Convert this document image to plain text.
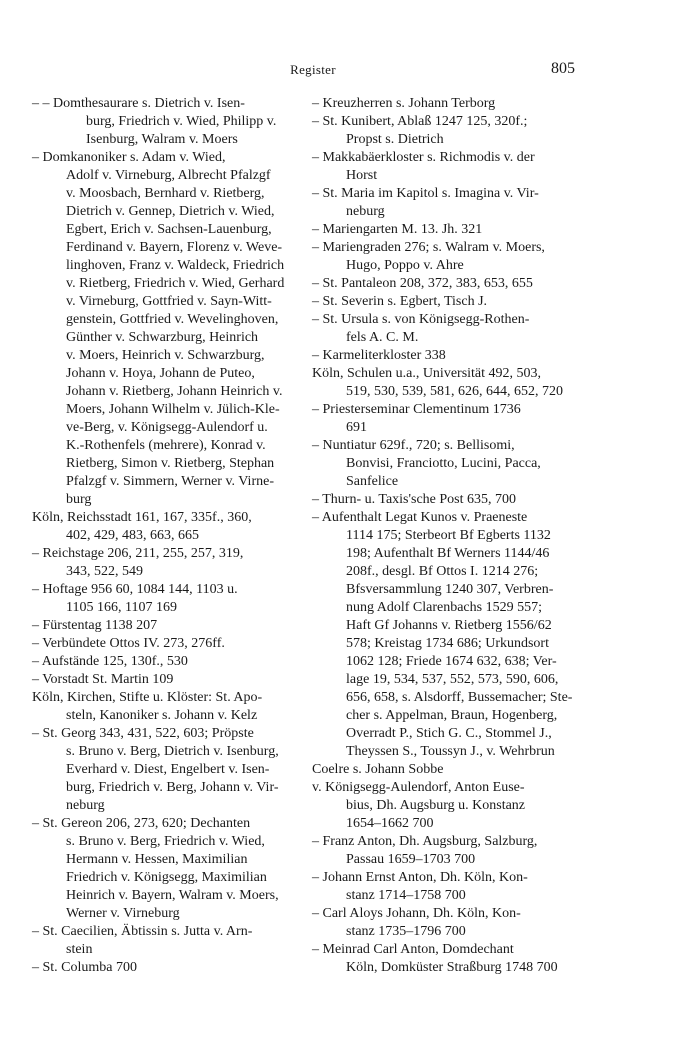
Register	805
– – Domthesaurare s. Dietrich v. Isen-
burg, Friedrich v. Wied, Philipp v.
Isenburg, Walram v. Moers
– Domkanoniker s. Adam v. Wied,
Adolf v. Virneburg, Albrecht Pfalzgf
v. Moosbach, Bernhard v. Rietberg,
Dietrich v. Gennep, Dietrich v. Wied,
Egbert, Erich v. Sachsen-Lauenburg,
Ferdinand v. Bayern, Florenz v. Weve-
linghoven, Franz v. Waldeck, Friedrich
v. Rietberg, Friedrich v. Wied, Gerhard
v. Virneburg, Gottfried v. Sayn-Witt-
genstein, Gottfried v. Wevelinghoven,
Günther v. Schwarzburg, Heinrich
v. Moers, Heinrich v. Schwarzburg,
Johann v. Hoya, Johann de Puteo,
Johann v. Rietberg, Johann Heinrich v.
Moers, Johann Wilhelm v. Jülich-Kle-
ve-Berg, v. Königsegg-Aulendorf u.
K.-Rothenfels (mehrere), Konrad v.
Rietberg, Simon v. Rietberg, Stephan
Pfalzgf v. Simmern, Werner v. Virne-
burg
Köln, Reichsstadt 161, 167, 335f., 360,
402, 429, 483, 663, 665
– Reichstage 206, 211, 255, 257, 319,
343, 522, 549
– Hoftage 956 60, 1084 144, 1103 u.
1105 166, 1107 169
– Fürstentag 1138 207
– Verbündete Ottos IV. 273, 276ff.
– Aufstände 125, 130f., 530
– Vorstadt St. Martin 109
Köln, Kirchen, Stifte u. Klöster: St. Apo-
steln, Kanoniker s. Johann v. Kelz
– St. Georg 343, 431, 522, 603; Pröpste
s. Bruno v. Berg, Dietrich v. Isenburg,
Everhard v. Diest, Engelbert v. Isen-
burg, Friedrich v. Berg, Johann v. Vir-
neburg
– St. Gereon 206, 273, 620; Dechanten
s. Bruno v. Berg, Friedrich v. Wied,
Hermann v. Hessen, Maximilian
Friedrich v. Königsegg, Maximilian
Heinrich v. Bayern, Walram v. Moers,
Werner v. Virneburg
– St. Caecilien, Äbtissin s. Jutta v. Arn-
stein
– St. Columba 700
– Kreuzherren s. Johann Terborg
– St. Kunibert, Ablaß 1247 125, 320f.;
Propst s. Dietrich
– Makkabäerkloster s. Richmodis v. der
Horst
– St. Maria im Kapitol s. Imagina v. Vir-
neburg
– Mariengarten M. 13. Jh. 321
– Mariengraden 276; s. Walram v. Moers,
Hugo, Poppo v. Ahre
– St. Pantaleon 208, 372, 383, 653, 655
– St. Severin s. Egbert, Tisch J.
– St. Ursula s. von Königsegg-Rothen-
fels A. C. M.
– Karmeliterkloster 338
Köln, Schulen u.a., Universität 492, 503,
519, 530, 539, 581, 626, 644, 652, 720
– Priesterseminar Clementinum 1736
691
– Nuntiatur 629f., 720; s. Bellisomi,
Bonvisi, Franciotto, Lucini, Pacca,
Sanfelice
– Thurn- u. Taxis'sche Post 635, 700
– Aufenthalt Legat Kunos v. Praeneste
1114 175; Sterbeort Bf Egberts 1132
198; Aufenthalt Bf Werners 1144/46
208f., desgl. Bf Ottos I. 1214 276;
Bfsversammlung 1240 307, Verbren-
nung Adolf Clarenbachs 1529 557;
Haft Gf Johanns v. Rietberg 1556/62
578; Kreistag 1734 686; Urkundsort
1062 128; Friede 1674 632, 638; Ver-
lage 19, 534, 537, 552, 573, 590, 606,
656, 658, s. Alsdorff, Bussemacher; Ste-
cher s. Appelman, Braun, Hogenberg,
Overradt P., Stich G. C., Stommel J.,
Theyssen S., Toussyn J., v. Wehrbrun
Coelre s. Johann Sobbe
v. Königsegg-Aulendorf, Anton Euse-
bius, Dh. Augsburg u. Konstanz
1654–1662 700
– Franz Anton, Dh. Augsburg, Salzburg,
Passau 1659–1703 700
– Johann Ernst Anton, Dh. Köln, Kon-
stanz 1714–1758 700
– Carl Aloys Johann, Dh. Köln, Kon-
stanz 1735–1796 700
– Meinrad Carl Anton, Domdechant
Köln, Domküster Straßburg 1748 700
